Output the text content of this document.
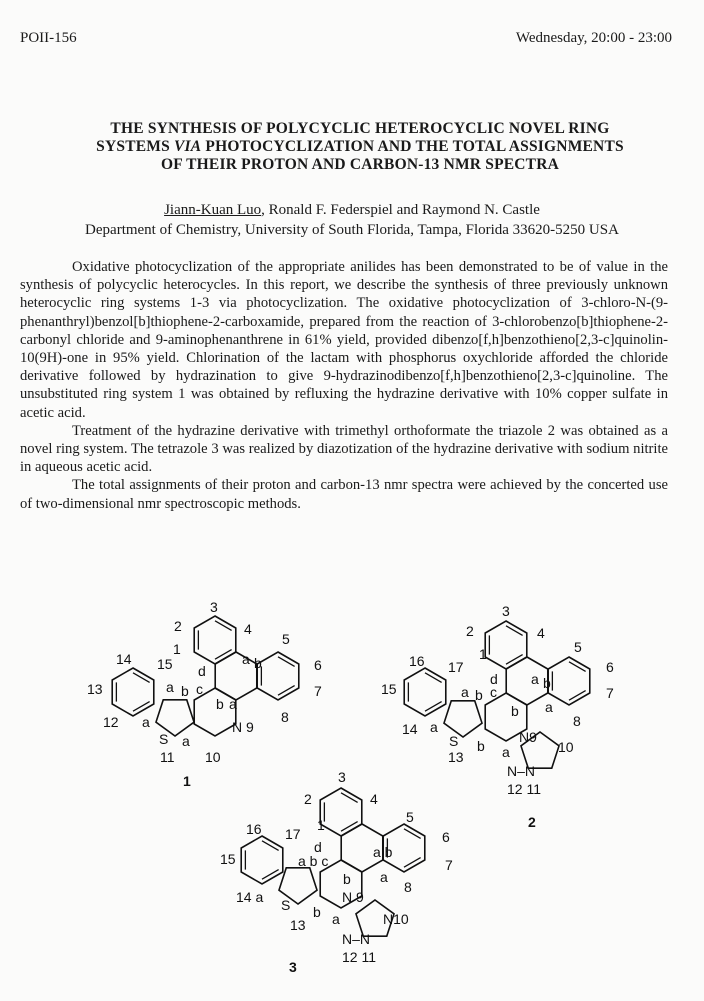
POII-156	Wednesday, 20:00 - 23:00
THE SYNTHESIS OF POLYCYCLIC HETEROCYCLIC NOVEL RING
SYSTEMS VIA PHOTOCYCLIZATION AND THE TOTAL ASSIGNMENTS
OF THEIR PROTON AND CARBON-13 NMR SPECTRA
Jiann-Kuan Luo, Ronald F. Federspiel and Raymond N. Castle
Department of Chemistry, University of South Florida, Tampa, Florida 33620-5250 USA

Oxidative photocyclization of the appropriate anilides has been demonstrated to be of value in the synthesis of polycyclic heterocycles. In this report, we describe the synthesis of three previously unknown heterocyclic ring systems 1-3 via photocyclization. The oxidative photocyclization of 3-chloro-N-(9-phenanthryl)benzol[b]thiophene-2-carboxamide, prepared from the reaction of 3-chlorobenzo[b]thiophene-2-carbonyl chloride and 9-aminophenanthrene in 61% yield, provided dibenzo[f,h]benzothieno[2,3-c]quinolin-10(9H)-one in 95% yield. Chlorination of the lactam with phosphorus oxychloride afforded the chloride derivative followed by hydrazination to give 9-hydrazinodibenzo[f,h]benzothieno[2,3-c]quinoline. The unsubstituted ring system 1 was obtained by refluxing the hydrazine derivative with 10% copper sulfate in acetic acid.

Treatment of the hydrazine derivative with trimethyl orthoformate the triazole 2 was obtained as a novel ring system. The tetrazole 3 was realized by diazotization of the hydrazine derivative with sodium nitrite in aqueous acetic acid.

The total assignments of their proton and carbon-13 nmr spectra were achieved by the concerted use of two-dimensional nmr spectroscopic methods.

3
2	4
1
15
14
5
d
a b	6
13	a b c
b a
7
12 a	8
S a
N 9
11 10
1
3
2	4
1	5
16 17	6
a b
15
d
a b c	7
b a
8
14 a
N9
S b	10
a
13
N–N
12 11
2
3
2	4
1	5
16 17	6
a b
d
15	a b c	7
b a
8
14 a S	N 9
b	N10
a
13
N–N
12 11
3
